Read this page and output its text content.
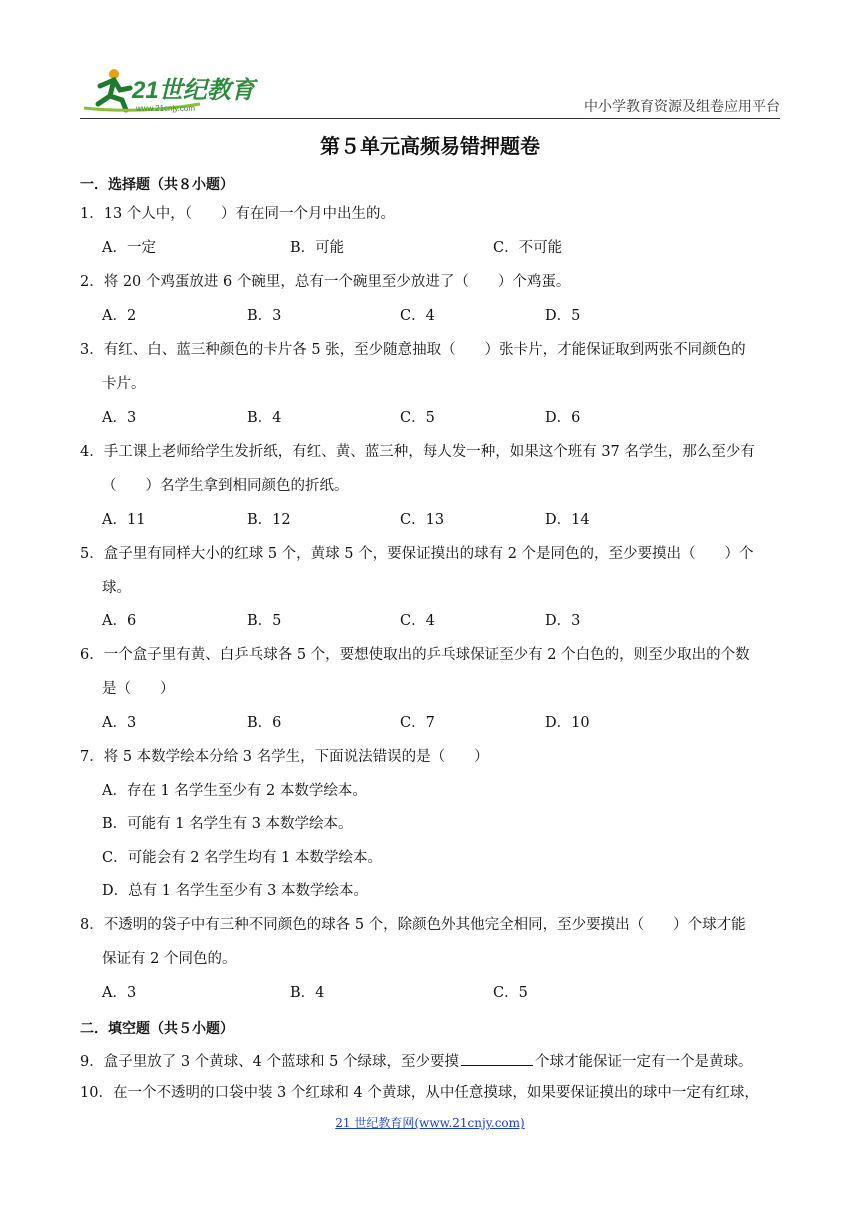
21世纪教育
www.21cnjy.com	中小学教育资源及组卷应用平台
第５单元高频易错押题卷
一．选择题（共８小题）
1．13 个人中，（　　）有在同一个月中出生的。
A．一定	B．可能	C．不可能
2．将 20 个鸡蛋放进 6 个碗里，总有一个碗里至少放进了（　　）个鸡蛋。
A．2	B．3	C．4	D．5
3．有红、白、蓝三种颜色的卡片各 5 张，至少随意抽取（　　）张卡片，才能保证取到两张不同颜色的
卡片。
A．3	B．4	C．5	D．6
4．手工课上老师给学生发折纸，有红、黄、蓝三种，每人发一种，如果这个班有 37 名学生，那么至少有
（　　）名学生拿到相同颜色的折纸。
A．11	B．12	C．13	D．14
5．盒子里有同样大小的红球 5 个，黄球 5 个，要保证摸出的球有 2 个是同色的，至少要摸出（　　）个
球。
A．6	B．5	C．4	D．3
6．一个盒子里有黄、白乒乓球各 5 个，要想使取出的乒乓球保证至少有 2 个白色的，则至少取出的个数
是（　　）
A．3	B．6	C．7	D．10
7．将 5 本数学绘本分给 3 名学生，下面说法错误的是（　　）
A．存在 1 名学生至少有 2 本数学绘本。
B．可能有 1 名学生有 3 本数学绘本。
C．可能会有 2 名学生均有 1 本数学绘本。
D．总有 1 名学生至少有 3 本数学绘本。
8．不透明的袋子中有三种不同颜色的球各 5 个，除颜色外其他完全相同，至少要摸出（　　）个球才能
保证有 2 个同色的。
A．3	B．4	C．5
二．填空题（共５小题）
9．盒子里放了 3 个黄球、4 个蓝球和 5 个绿球，至少要摸	个球才能保证一定有一个是黄球。
10．在一个不透明的口袋中装 3 个红球和 4 个黄球，从中任意摸球，如果要保证摸出的球中一定有红球，
21 世纪教育网(www.21cnjy.com)
